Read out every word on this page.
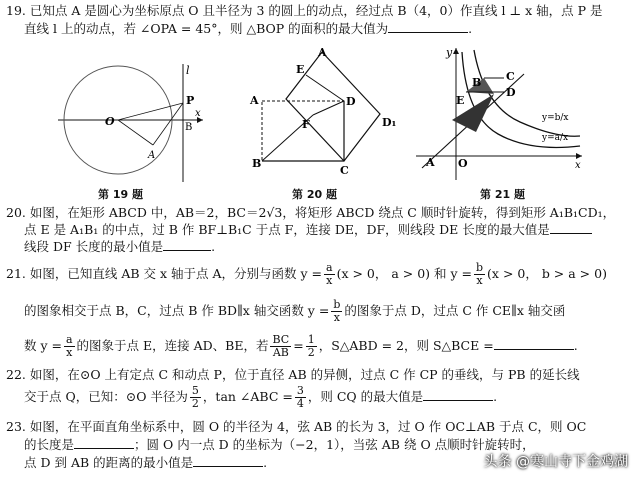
19. 已知点 A 是圆心为坐标原点 O 且半径为 3 的圆上的动点，经过点 B（4，0）作直线 l ⊥ x 轴，点 P 是
直线 l 上的动点，若 ∠OPA = 45°，则 △BOP 的面积的最大值为	.
l
P
O	B
x
A
A
E
D
D₁
F
B
C
A
y
E
B
D
C
A O	x
y=b/x
y=a/x
第 19 题	第 20 题	第 21 题
20. 如图，在矩形 ABCD 中，AB＝2，BC＝2√3，将矩形 ABCD 绕点 C 顺时针旋转，得到矩形 A₁B₁CD₁，
点 E 是 A₁B₁ 的中点，过 B 作 BF⊥B₁C 于点 F，连接 DE，DF，则线段 DE 长度的最大值是
线段 DF 长度的最小值是	.
21. 如图，已知直线 AB 交 x 轴于点 A，分别与函数 $y = \frac{a}{x} (x > 0$， a > 0) 和 $y = \frac{b}{x} (x > 0$， b > a > 0)
的图象相交于点 B，C，过点 B 作 BD∥x 轴交函数 $y = \frac{b}{x}$ 的图象于点 D，过点 C 作 CE∥x 轴交函
数 $y = \frac{a}{x}$ 的图象于点 E，连接 AD、BE，若 $\frac{BC}{AB} = \frac{1}{2}$ ，S△ABD = 2，则 S△BCE =	.
22. 如图，在⊙O 上有定点 C 和动点 P，位于直径 AB 的异侧，过点 C 作 CP 的垂线，与 PB 的延长线
交于点 Q，已知：⊙O 半径为 $\frac{5}{2}$ ，tan ∠ABC = $\frac{3}{4}$ ，则 CQ 的最大值是	.
23. 如图，在平面直角坐标系中，圆 O 的半径为 4，弦 AB 的长为 3，过 O 作 OC⊥AB 于点 C，则 OC
的长度是	；圆 O 内一点 D 的坐标为（−2，1），当弦 AB 绕 O 点顺时针旋转时，
点 D 到 AB 的距离的最小值是	.	头条 @寒山寺下金鸡湖
